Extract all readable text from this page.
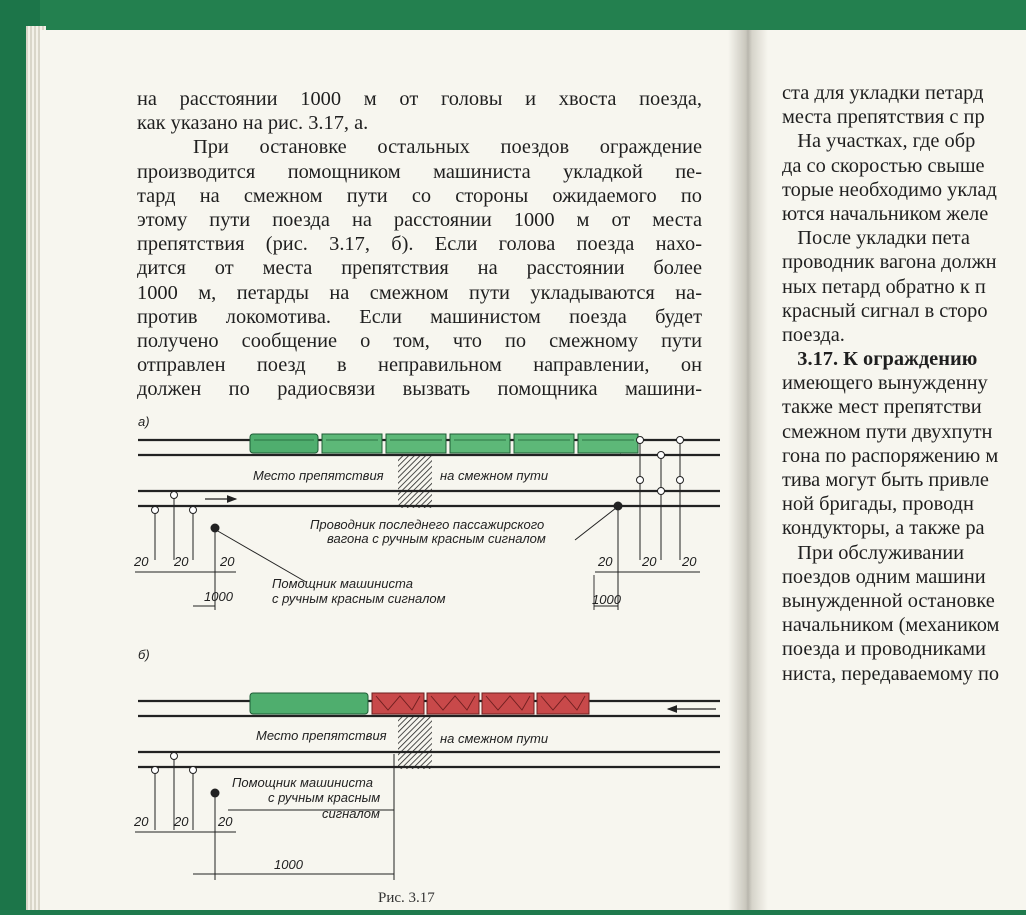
на расстоянии 1000 м от головы и хвоста поезда,
как указано на рис. 3.17, а.
При остановке остальных поездов ограждение
производится помощником машиниста укладкой пе-
тард на смежном пути со стороны ожидаемого по
этому пути поезда на расстоянии 1000 м от места
препятствия (рис. 3.17, б). Если голова поезда нахо-
дится от места препятствия на расстоянии более
1000 м, петарды на смежном пути укладываются на-
против локомотива. Если машинистом поезда будет
получено сообщение о том, что по смежному пути
отправлен поезд в неправильном направлении, он
должен по радиосвязи вызвать помощника машини-
а)
Место препятствия	на смежном пути
Проводник последнего пассажирского
вагона с ручным красным сигналом
Помощник машиниста
с ручным красным сигналом
20 20 20	20 20 20
1000	1000
б)
Место препятствия	на смежном пути
Помощник машиниста
с ручным красным
сигналом
20 20 20
1000
Рис. 3.17
ста для укладки петард
места препятствия с пр
На участках, где обр
да со скоростью свыше
торые необходимо уклад
ются начальником желе
После укладки пета
проводник вагона должн
ных петард обратно к п
красный сигнал в сторо
поезда.
3.17. К ограждению
имеющего вынужденну
также мест препятстви
смежном пути двухпутн
гона по распоряжению м
тива могут быть привле
ной бригады, проводн
кондукторы, а также ра
При обслуживании
поездов одним машини
вынужденной остановке
начальником (механиком
поезда и проводниками
ниста, передаваемому по
